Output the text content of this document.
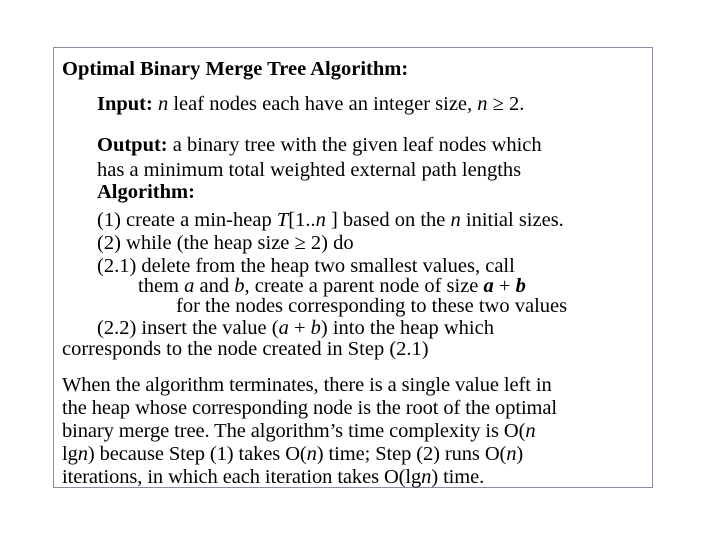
Optimal Binary Merge Tree Algorithm:
Input: n leaf nodes each have an integer size, n ≥ 2.
Output: a binary tree with the given leaf nodes which
has a minimum total weighted external path lengths
Algorithm:
(1) create a min-heap T[1..n ] based on the n initial sizes.
(2) while (the heap size ≥ 2) do
(2.1) delete from the heap two smallest values, call
them a and b, create a parent node of size a + b
for the nodes corresponding to these two values
(2.2) insert the value (a + b) into the heap which
corresponds to the node created in Step (2.1)
When the algorithm terminates, there is a single value left in
the heap whose corresponding node is the root of the optimal
binary merge tree. The algorithm’s time complexity is O(n
lgn) because Step (1) takes O(n) time; Step (2) runs O(n)
iterations, in which each iteration takes O(lgn) time.
